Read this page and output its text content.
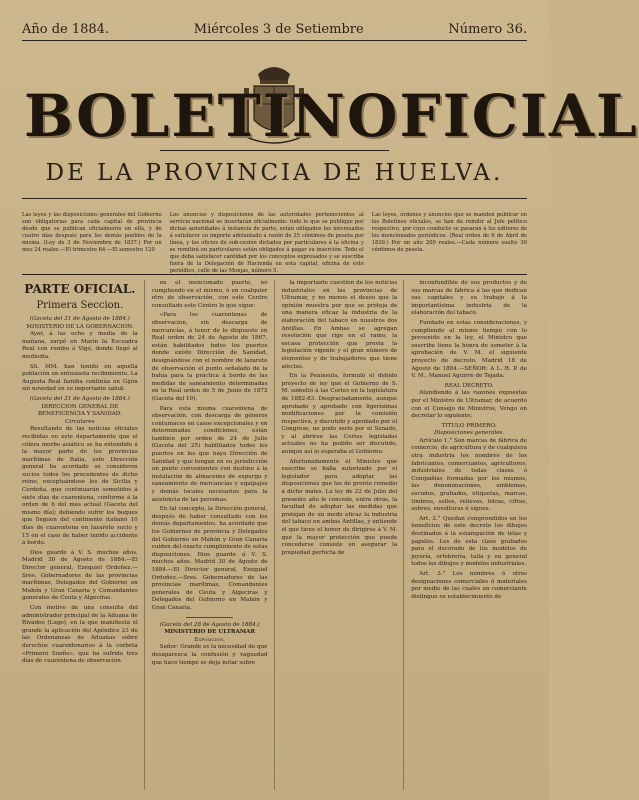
Año de 1884.	Miércoles 3 de Setiembre	Número 36.
BOLETIN OFICIAL
DE LA PROVINCIA DE HUELVA.
Las leyes y las disposiciones generales del Gobierno son obligatorias para cada capital de provincia desde que se publican oficialmente en ella, y de cuatro días después para los demás pueblos de la misma. (Ley de 3 de Noviembre de 1837.) Por un mes 24 reales.—El trimestre 64 —El semestre 120
Los anuncios y disposiciones de las autoridades pertenecientes al servicio nacional se insertarán oficialmente: todo lo que se publique por dichas autoridades á instancia de parte, están obligados los interesados á satisfacer su importe adelantado á razón de 25 céntimos de peseta por línea, y los oficios de sub-cesión dictados por particulares á la oficina y se remitirá en particulares están obligados á pagar su inserción. Todo el que deba satisfacer cantidad por los conceptos expresados y se suscriba fuera de la Delegación de Hacienda en esta capital, oficina de este periódico, calle de las Monjas, número 5.
Las leyes, órdenes y anuncios que se manden publicar en los Boletines oficiales, se han de remitir al Jefe político respectivo, por cuyo conducto se pasarán á los editores de los mencionados periódicos. (Real orden de 6 de Abril de 1839.) Por un año 200 reales.—Cada número suelto 30 céntimos de peseta.
PARTE OFICIAL.
Primera Seccion.
(Gaceta del 31 de Agosto de 1884.)
MINISTERIO DE LA GOBERNACION.

Ayer, á las ocho y media de la mañana, zarpó en Marín la Escuadra Real con rumbo á Vigo, donde llegó al mediodía.

SS. MM. han tenido en aquella población un entusiasta recibimiento. La Augusta Real familia continúa en Gijón sin novedad en su importante salud.

(Gaceta del 31 de Agosto de 1884.)
DIRECCION GENERAL DE BENEFICENCIA Y SANIDAD.
Circulares

Resultando de las noticias oficiales recibidas en este departamento que el cólera morbo asiático se ha extendido á la mayor parte de los provincias marítimas de Italia, este Dirección general ha acordado se consideren sucios todos los procedentes de dicho reino, exceptuándose los de Sicilia y Cerdeña, que continuarán sometidos á siete días de cuarentena, conforme á la orden de 6 del mes actual (Gaceta del mismo día); debiendo sufrir los buques que lleguen del continente italiano 10 días de cuarentena en lazareto sucio y 15 en el caso de haber tenido accidente á bordo.

Dios guarde á V. S. muchos años. Madrid 30 de Agosto de 1884.—El Director general, Ezequiel Ordoñez.—Sres. Gobernadores de las provincias marítimas, Delegados del Gobierno en Mahón y Gran Canaria y Comandantes generales de Ceuta y Algeciras.

Con motivo de una consulta del administrador principal de la Aduana de Rivadeo (Lugo), en la que manifiesta el grande la aplicación del Apéndice 23 de las Ordenanzas de Aduanas sobre derechos cuarentenarios á la corbeta «Primero Sueño», que ha sufrido tres días de cuarentena de observación

en el mencionado puerto, no cumpliendo en el mismo, ó en cualquier otro de observación, con este Centro consultado este Centro lo que sigue:

«Para los cuarentenas de observación, sin descarga de mercancías, á tenor de lo dispuesto en Real orden de 24 de Agosto de 1867, están habilitados todos los puertos donde existe Dirección de Sanidad, designándose con el nombre de lazareto de observación el punto señalado de la bahía para la práctica á bordo de las medidas de saneamiento determinadas en la Real orden de 5 de Junio de 1872 (Gaceta del 10).

Para esta misma cuarentena de observación, con descarga de géneros contumaces en casos excepcionales y en determinadas condiciones, están también por orden de 24 de Julio (Gaceta del 25) habilitados todos los puertos en los que haya Dirección de Sanidad y que tengan en su jurisdicción un punto convenientes con destino á la instalación de almacenes de expurgo y saneamiento de mercancías y equipajes y demás locales necesarios para la asistencia de las personas.

En tal concepto, la Dirección general, después de haber consultado con los demás departamentos, ha acordado que los Gobiernos de provincia y Delegados del Gobierno en Mahón y Gran Canaria cuiden del exacto cumplimiento de estas disposiciones. Dios guarde á V. S. muchos años. Madrid 30 de Agosto de 1884.—El Director general, Ezequiel Ordoñez.—Sres. Gobernadores de las provincias marítimas, Comandantes generales de Ceuta y Algeciras y Delegados del Gobierno en Mahón y Gran Canaria.

(Gaceta del 28 de Agosto de 1884.)
MINISTERIO DE ULTRAMAR
Exposicion.

Señor: Grande es la necesidad de que desaparezca la confusión y vaguedad que hace tiempo se deja notar sobre

la importante cuestión de los noticias industriales en las provincias de Ultramar, y no menos el deseo que la opinión muestra por que se proteja de una manera eficaz la industria de la elaboración del tabaco en nuestros dos Antillas. En Ambas se agregan resolución que rige en el ramo, la escasa protección que presta la legislación vigente y el gran número de elementos y de trabajadores que tiene afectos.

En la Península, formuló el debido proyecto de ley que el Gobierno de S. M. sometió á las Cortes en la legislatura de 1882-83. Desgraciadamente, aunque aprobado y aprobado con ligerísimas modificaciones por la comisión respectiva, y discutido y aprobado por el Congreso, no pudo serlo por el Senado, y al abrirse las Cortes legisladas actuales no ha podido ser discutido, aunque así lo esperaba el Gobierno.

Afortunadamente el Ministro que suscribe se halla autorizado por el legislador para adoptar las disposiciones que las de pronto remedio á dicho males. La ley de 22 de Julio del presente año le concede, entre otras, la facultad de adoptar las medidas que protejan de un modo eficaz la industria del tabaco en ambas Antillas, y entiende el que tiene el honor de dirigirse á V. M. que la mayor protección que puede concederse consiste en asegurar la propiedad perfecta de

inconfundible de sus productos y de sus marcas de fábrica á las que dedican sus capitales y su trabajo á la importantísima industria de la elaboración del tabaco.

Fundado en estas consideraciones, y cumpliendo al mismo tiempo con lo prevenido en la ley, el Ministro que suscribe tiene la honra de someter á la aprobación de V. M. el siguiente proyecto de decreto. Madrid 18 de Agosto de 1884.—SEÑOR: A L. R. P. de V. M., Manuel Aguirre de Tejada.

REAL DECRETO.

Atendiendo á las razones expuestas por el Ministro de Ultramar, de acuerdo con el Consejo de Ministros, Vengo en decretar lo siguiente:

TITULO PRIMERO.
Disposiciones generales.

Artículo 1.° Son marcas de fábrica de comercio, de agricultura y de cualquiera otra industria los nombres de los fabricantes, comerciantes, agricultores, industriales de todas clases ó Compañías formadas por los mismos, las denominaciones, emblemas, escudos, grabados, etiquetas, marcas, timbres, sellos, relieves, letras, cifras, sobres, envolturas ó signos.

Art. 2.° Quedan comprendidos en los beneficios de este decreto los dibujos destinados á la estampación de telas y papeles. Los de esta clase grabados para el decorado de los modelos de joyería, orfebrería, talla y en general todos los dibujos y modelos industriales.

Art. 3.° Los nombres ó otros designaciones comerciales ó materiales por medio de las cuales un comerciante distingue su establecimiento de
